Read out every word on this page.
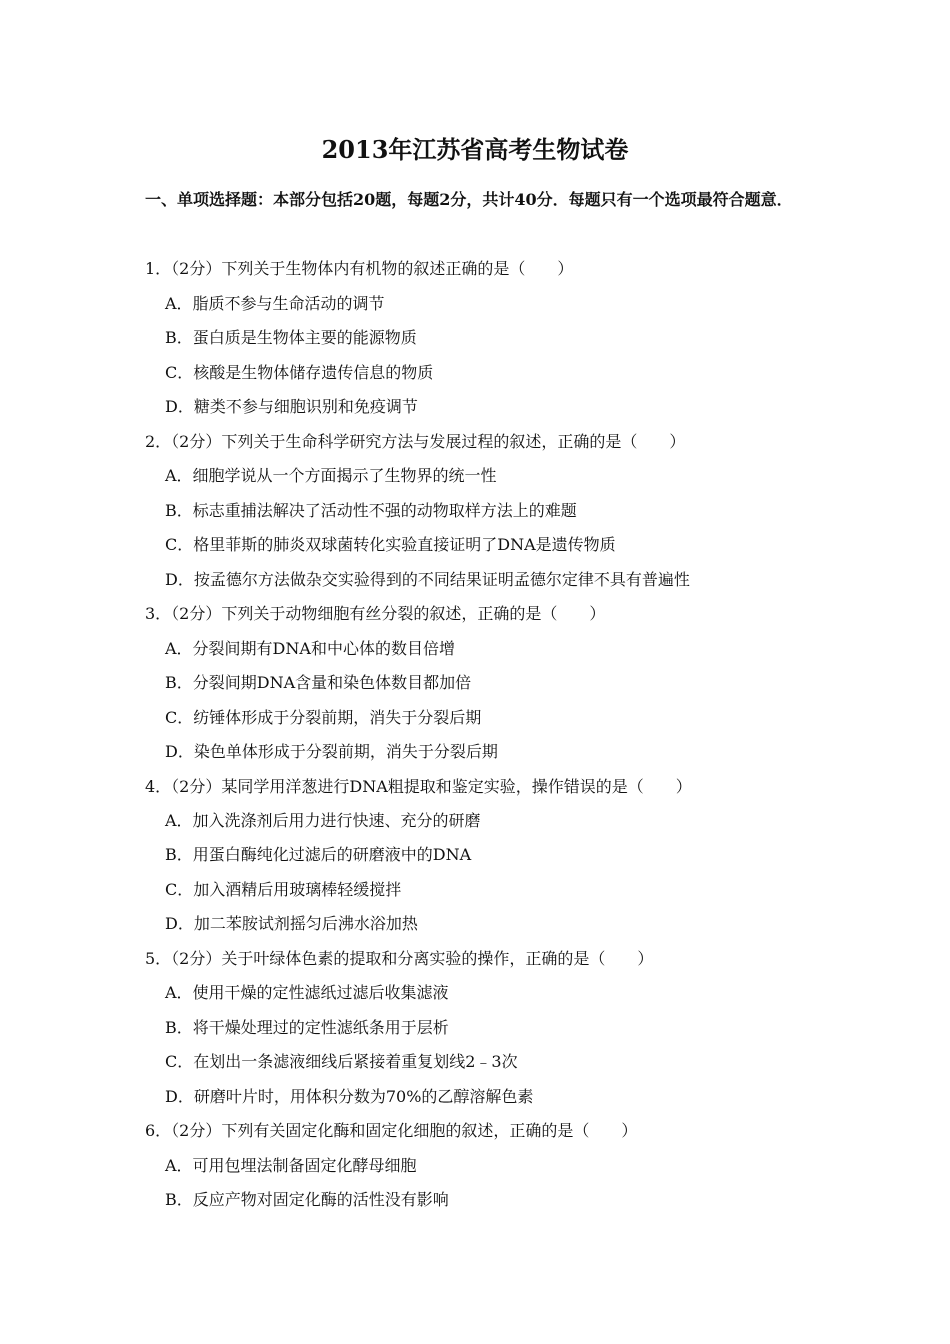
2013年江苏省高考生物试卷
一、单项选择题：本部分包括20题，每题2分，共计40分．每题只有一个选项最符合题意．
1．（2分）下列关于生物体内有机物的叙述正确的是（　　）
A．脂质不参与生命活动的调节
B．蛋白质是生物体主要的能源物质
C．核酸是生物体储存遗传信息的物质
D．糖类不参与细胞识别和免疫调节
2．（2分）下列关于生命科学研究方法与发展过程的叙述，正确的是（　　）
A．细胞学说从一个方面揭示了生物界的统一性
B．标志重捕法解决了活动性不强的动物取样方法上的难题
C．格里菲斯的肺炎双球菌转化实验直接证明了DNA是遗传物质
D．按孟德尔方法做杂交实验得到的不同结果证明孟德尔定律不具有普遍性
3．（2分）下列关于动物细胞有丝分裂的叙述，正确的是（　　）
A．分裂间期有DNA和中心体的数目倍增
B．分裂间期DNA含量和染色体数目都加倍
C．纺锤体形成于分裂前期，消失于分裂后期
D．染色单体形成于分裂前期，消失于分裂后期
4．（2分）某同学用洋葱进行DNA粗提取和鉴定实验，操作错误的是（　　）
A．加入洗涤剂后用力进行快速、充分的研磨
B．用蛋白酶纯化过滤后的研磨液中的DNA
C．加入酒精后用玻璃棒轻缓搅拌
D．加二苯胺试剂摇匀后沸水浴加热
5．（2分）关于叶绿体色素的提取和分离实验的操作，正确的是（　　）
A．使用干燥的定性滤纸过滤后收集滤液
B．将干燥处理过的定性滤纸条用于层析
C．在划出一条滤液细线后紧接着重复划线2﹣3次
D．研磨叶片时，用体积分数为70%的乙醇溶解色素
6．（2分）下列有关固定化酶和固定化细胞的叙述，正确的是（　　）
A．可用包埋法制备固定化酵母细胞
B．反应产物对固定化酶的活性没有影响
